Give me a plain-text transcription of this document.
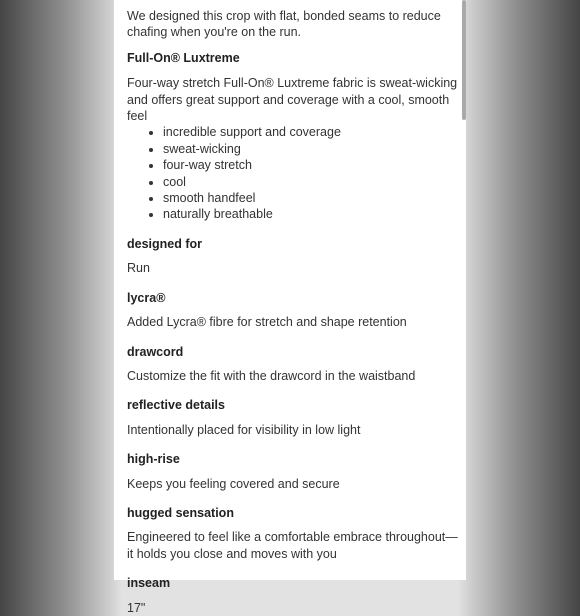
We designed this crop with flat, bonded seams to reduce chafing when you're on the run.

Full-On® Luxtreme

Four-way stretch Full-On® Luxtreme fabric is sweat-wicking and offers great support and coverage with a cool, smooth feel

• incredible support and coverage
• sweat-wicking
• four-way stretch
• cool
• smooth handfeel
• naturally breathable

designed for

Run

lycra®

Added Lycra® fibre for stretch and shape retention

drawcord

Customize the fit with the drawcord in the waistband

reflective details

Intentionally placed for visibility in low light

high-rise

Keeps you feeling covered and secure

hugged sensation

Engineered to feel like a comfortable embrace throughout—it holds you close and moves with you

inseam

17"
